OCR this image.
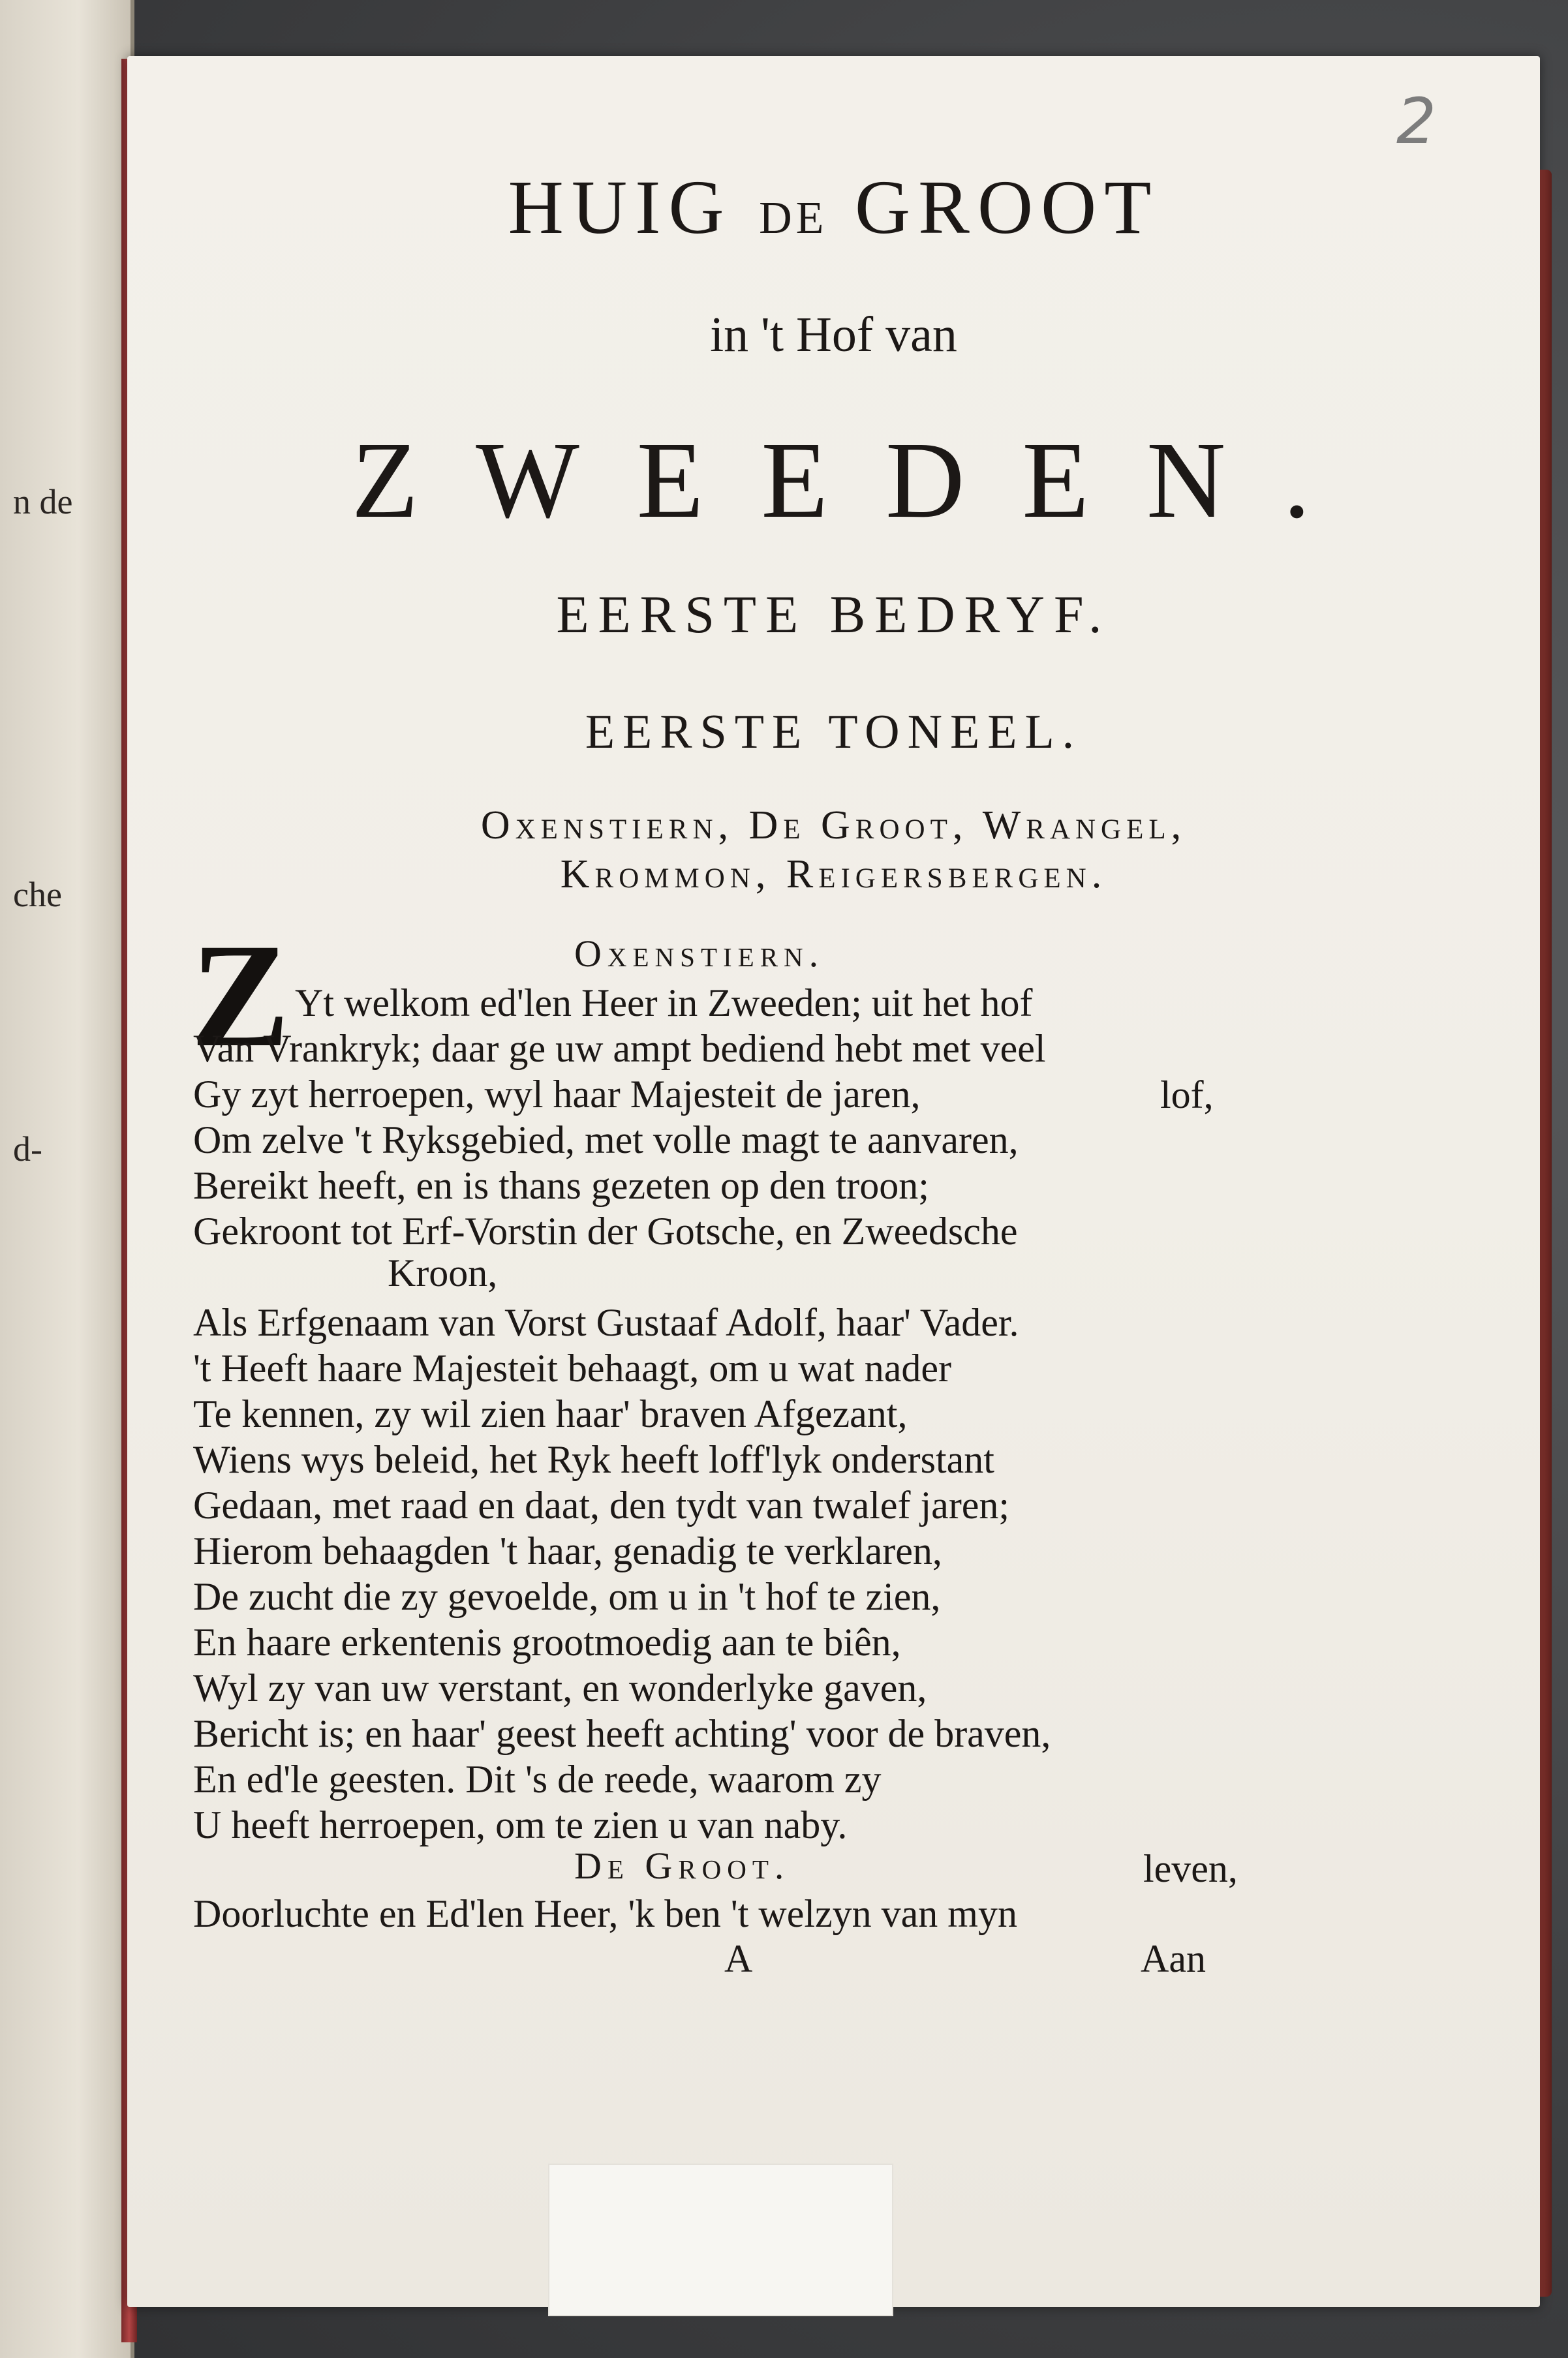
n de
che
d-
2
HUIG DE GROOT
in 't Hof van
ZWEEDEN.
EERSTE BEDRYF.
EERSTE TONEEL.
Oxenstiern, De Groot, Wrangel,
Krommon, Reigersbergen.
Z	Oxenstiern.
Yt welkom ed'len Heer in Zweeden; uit het hof
Van Vrankryk; daar ge uw ampt bediend hebt met veel
Gy zyt herroepen, wyl haar Majesteit de jaren,	lof,
Om zelve 't Ryksgebied, met volle magt te aanvaren,
Bereikt heeft, en is thans gezeten op den troon;
Gekroont tot Erf-Vorstin der Gotsche, en Zweedsche
Kroon,
Als Erfgenaam van Vorst Gustaaf Adolf, haar' Vader.
't Heeft haare Majesteit behaagt, om u wat nader
Te kennen, zy wil zien haar' braven Afgezant,
Wiens wys beleid, het Ryk heeft loff'lyk onderstant
Gedaan, met raad en daat, den tydt van twalef jaren;
Hierom behaagden 't haar, genadig te verklaren,
De zucht die zy gevoelde, om u in 't hof te zien,
En haare erkentenis grootmoedig aan te biên,
Wyl zy van uw verstant, en wonderlyke gaven,
Bericht is; en haar' geest heeft achting' voor de braven,
En ed'le geesten. Dit 's de reede, waarom zy
U heeft herroepen, om te zien u van naby.
De Groot.	leven,
Doorluchte en Ed'len Heer, 'k ben 't welzyn van myn
A	Aan
